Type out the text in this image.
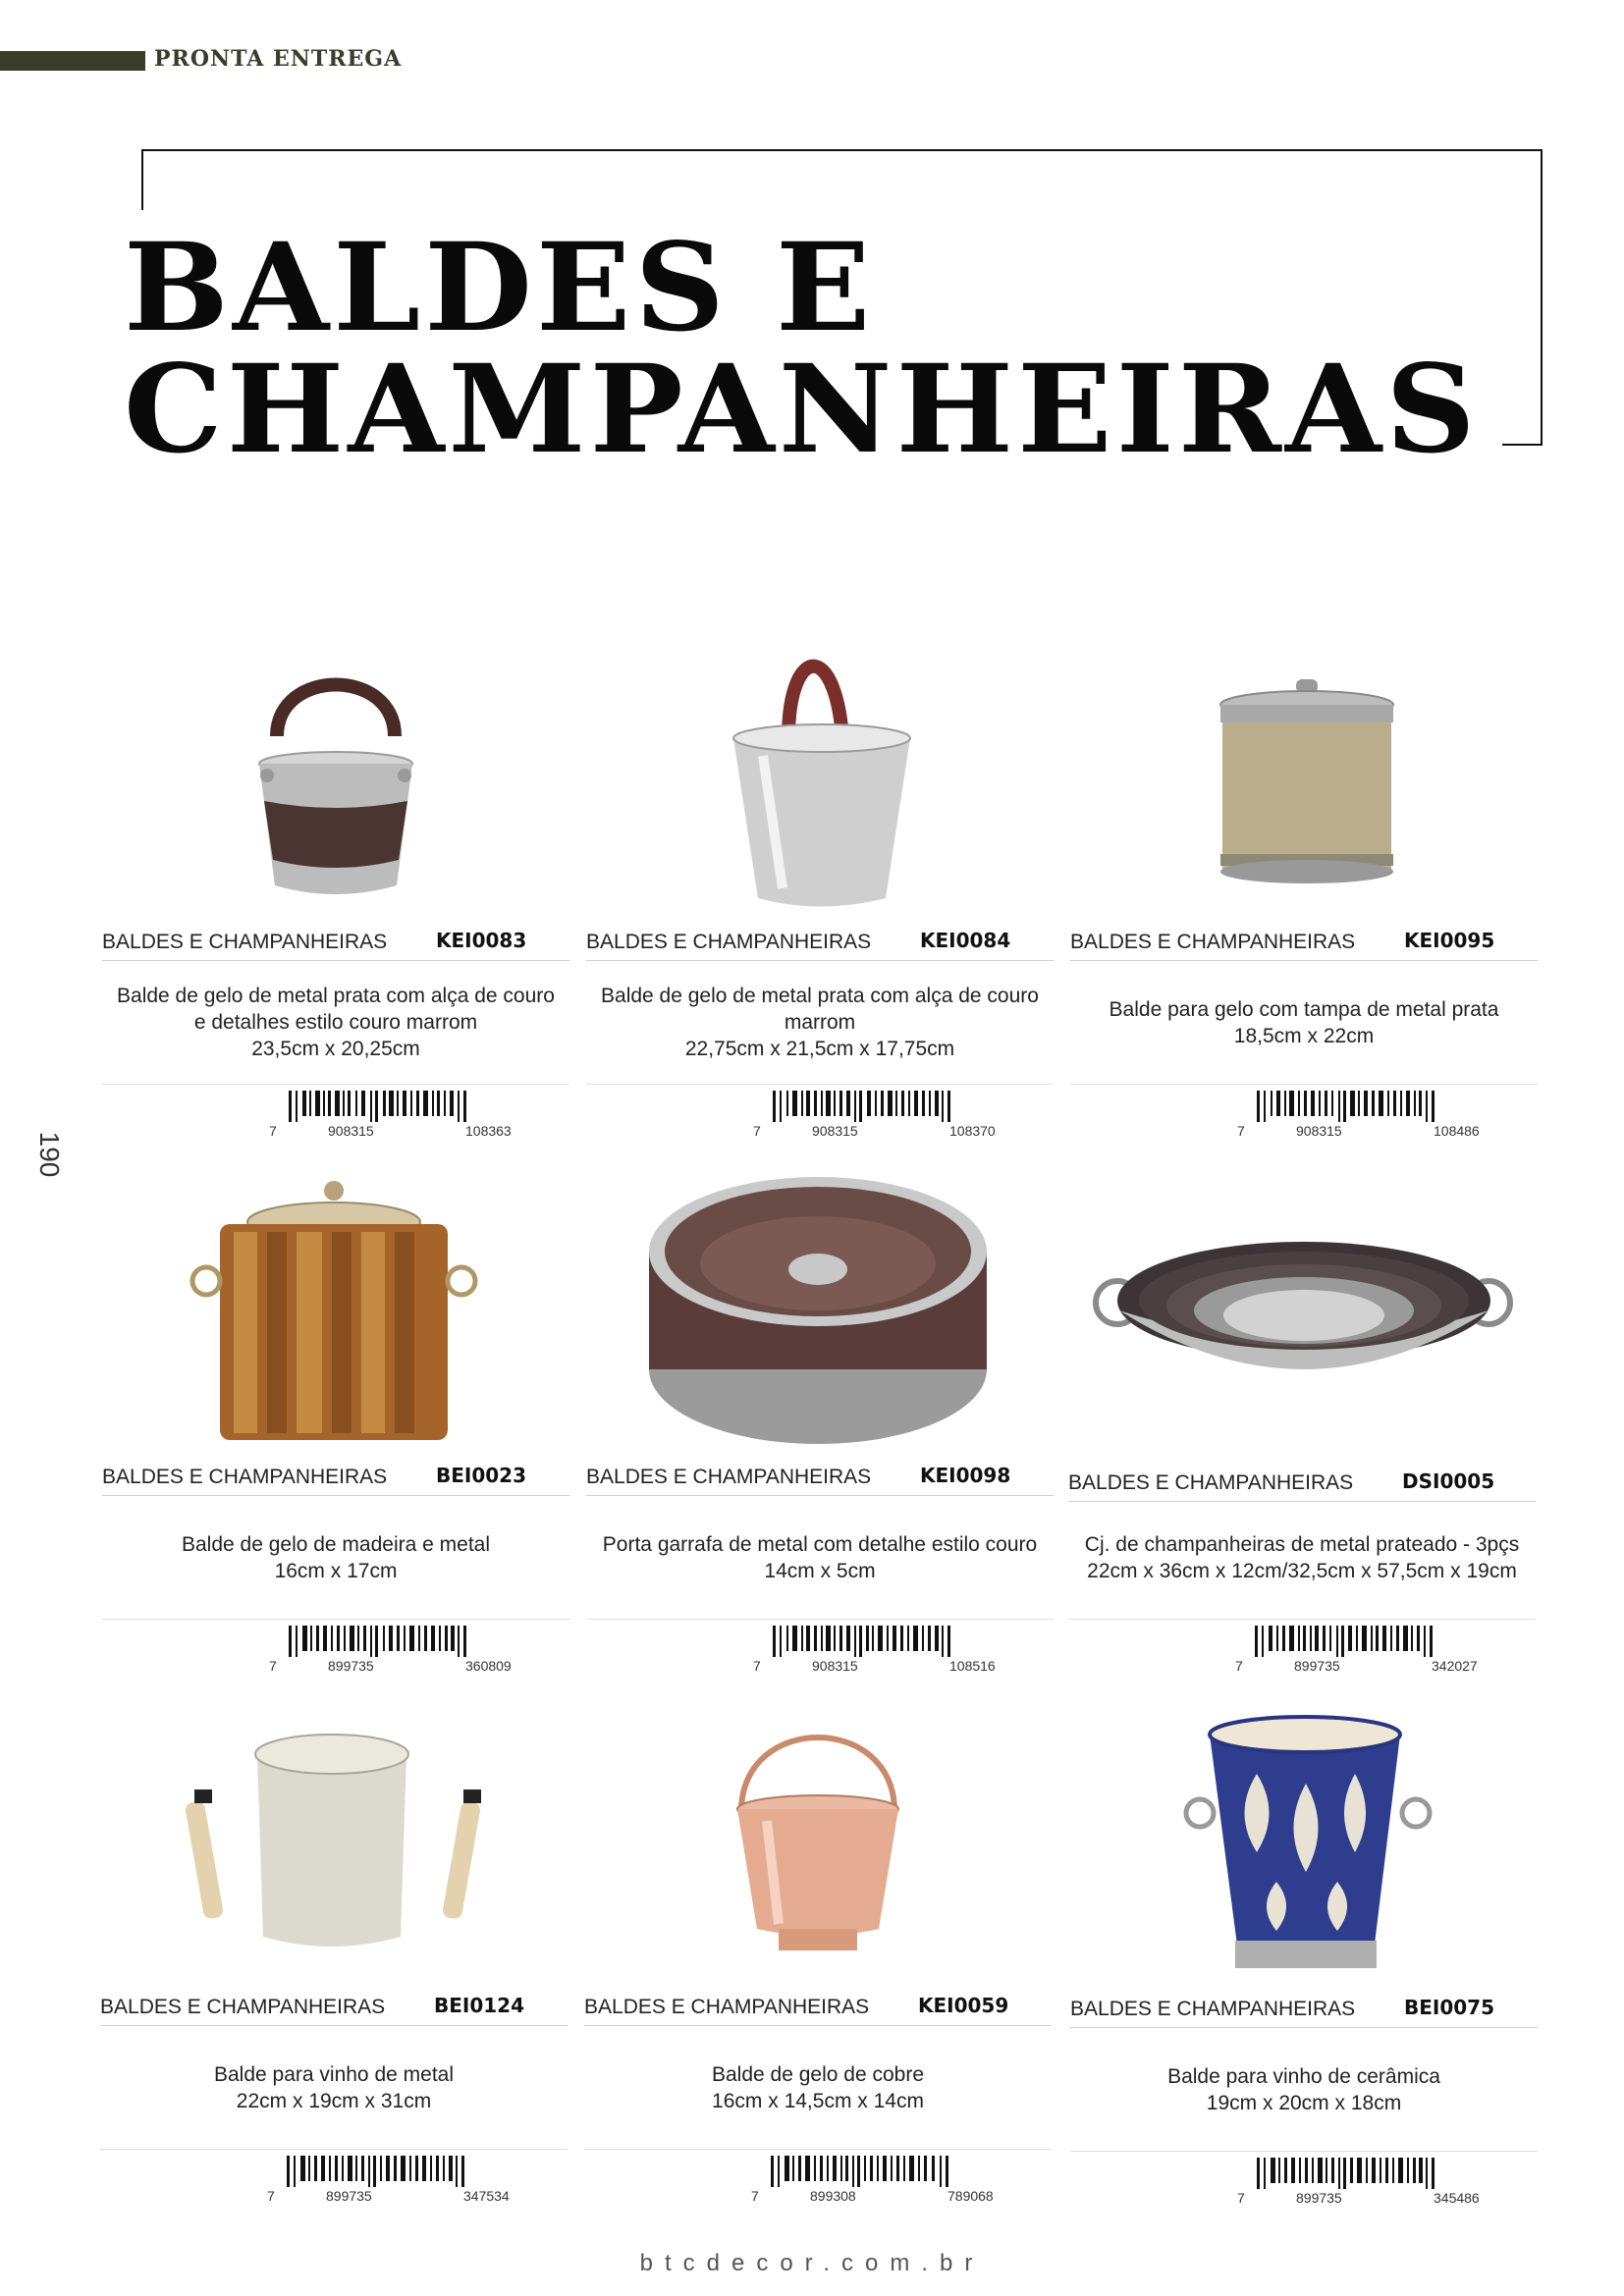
PRONTA ENTREGA
BALDES E
CHAMPANHEIRAS
190
BALDES E CHAMPANHEIRAS KEI0083
Balde de gelo de metal prata com alça de couro e detalhes estilo couro marrom
23,5cm x 20,25cm
7	908315	108363
BALDES E CHAMPANHEIRAS KEI0084
Balde de gelo de metal prata com alça de couro marrom
22,75cm x 21,5cm x 17,75cm
7	908315	108370
BALDES E CHAMPANHEIRAS KEI0095
Balde para gelo com tampa de metal prata
18,5cm x 22cm
7	908315	108486
BALDES E CHAMPANHEIRAS BEI0023
Balde de gelo de madeira e metal
16cm x 17cm
7	899735	360809
BALDES E CHAMPANHEIRAS KEI0098
Porta garrafa de metal com detalhe estilo couro
14cm x 5cm
7	908315	108516
BALDES E CHAMPANHEIRAS DSI0005
Cj. de champanheiras de metal prateado - 3pçs
22cm x 36cm x 12cm/32,5cm x 57,5cm x 19cm
7	899735	342027
BALDES E CHAMPANHEIRAS BEI0124
Balde para vinho de metal
22cm x 19cm x 31cm
7	899735	347534
BALDES E CHAMPANHEIRAS KEI0059
Balde de gelo de cobre
16cm x 14,5cm x 14cm
7	899308	789068
BALDES E CHAMPANHEIRAS BEI0075
Balde para vinho de cerâmica
19cm x 20cm x 18cm
7	899735	345486
btcdecor.com.br
